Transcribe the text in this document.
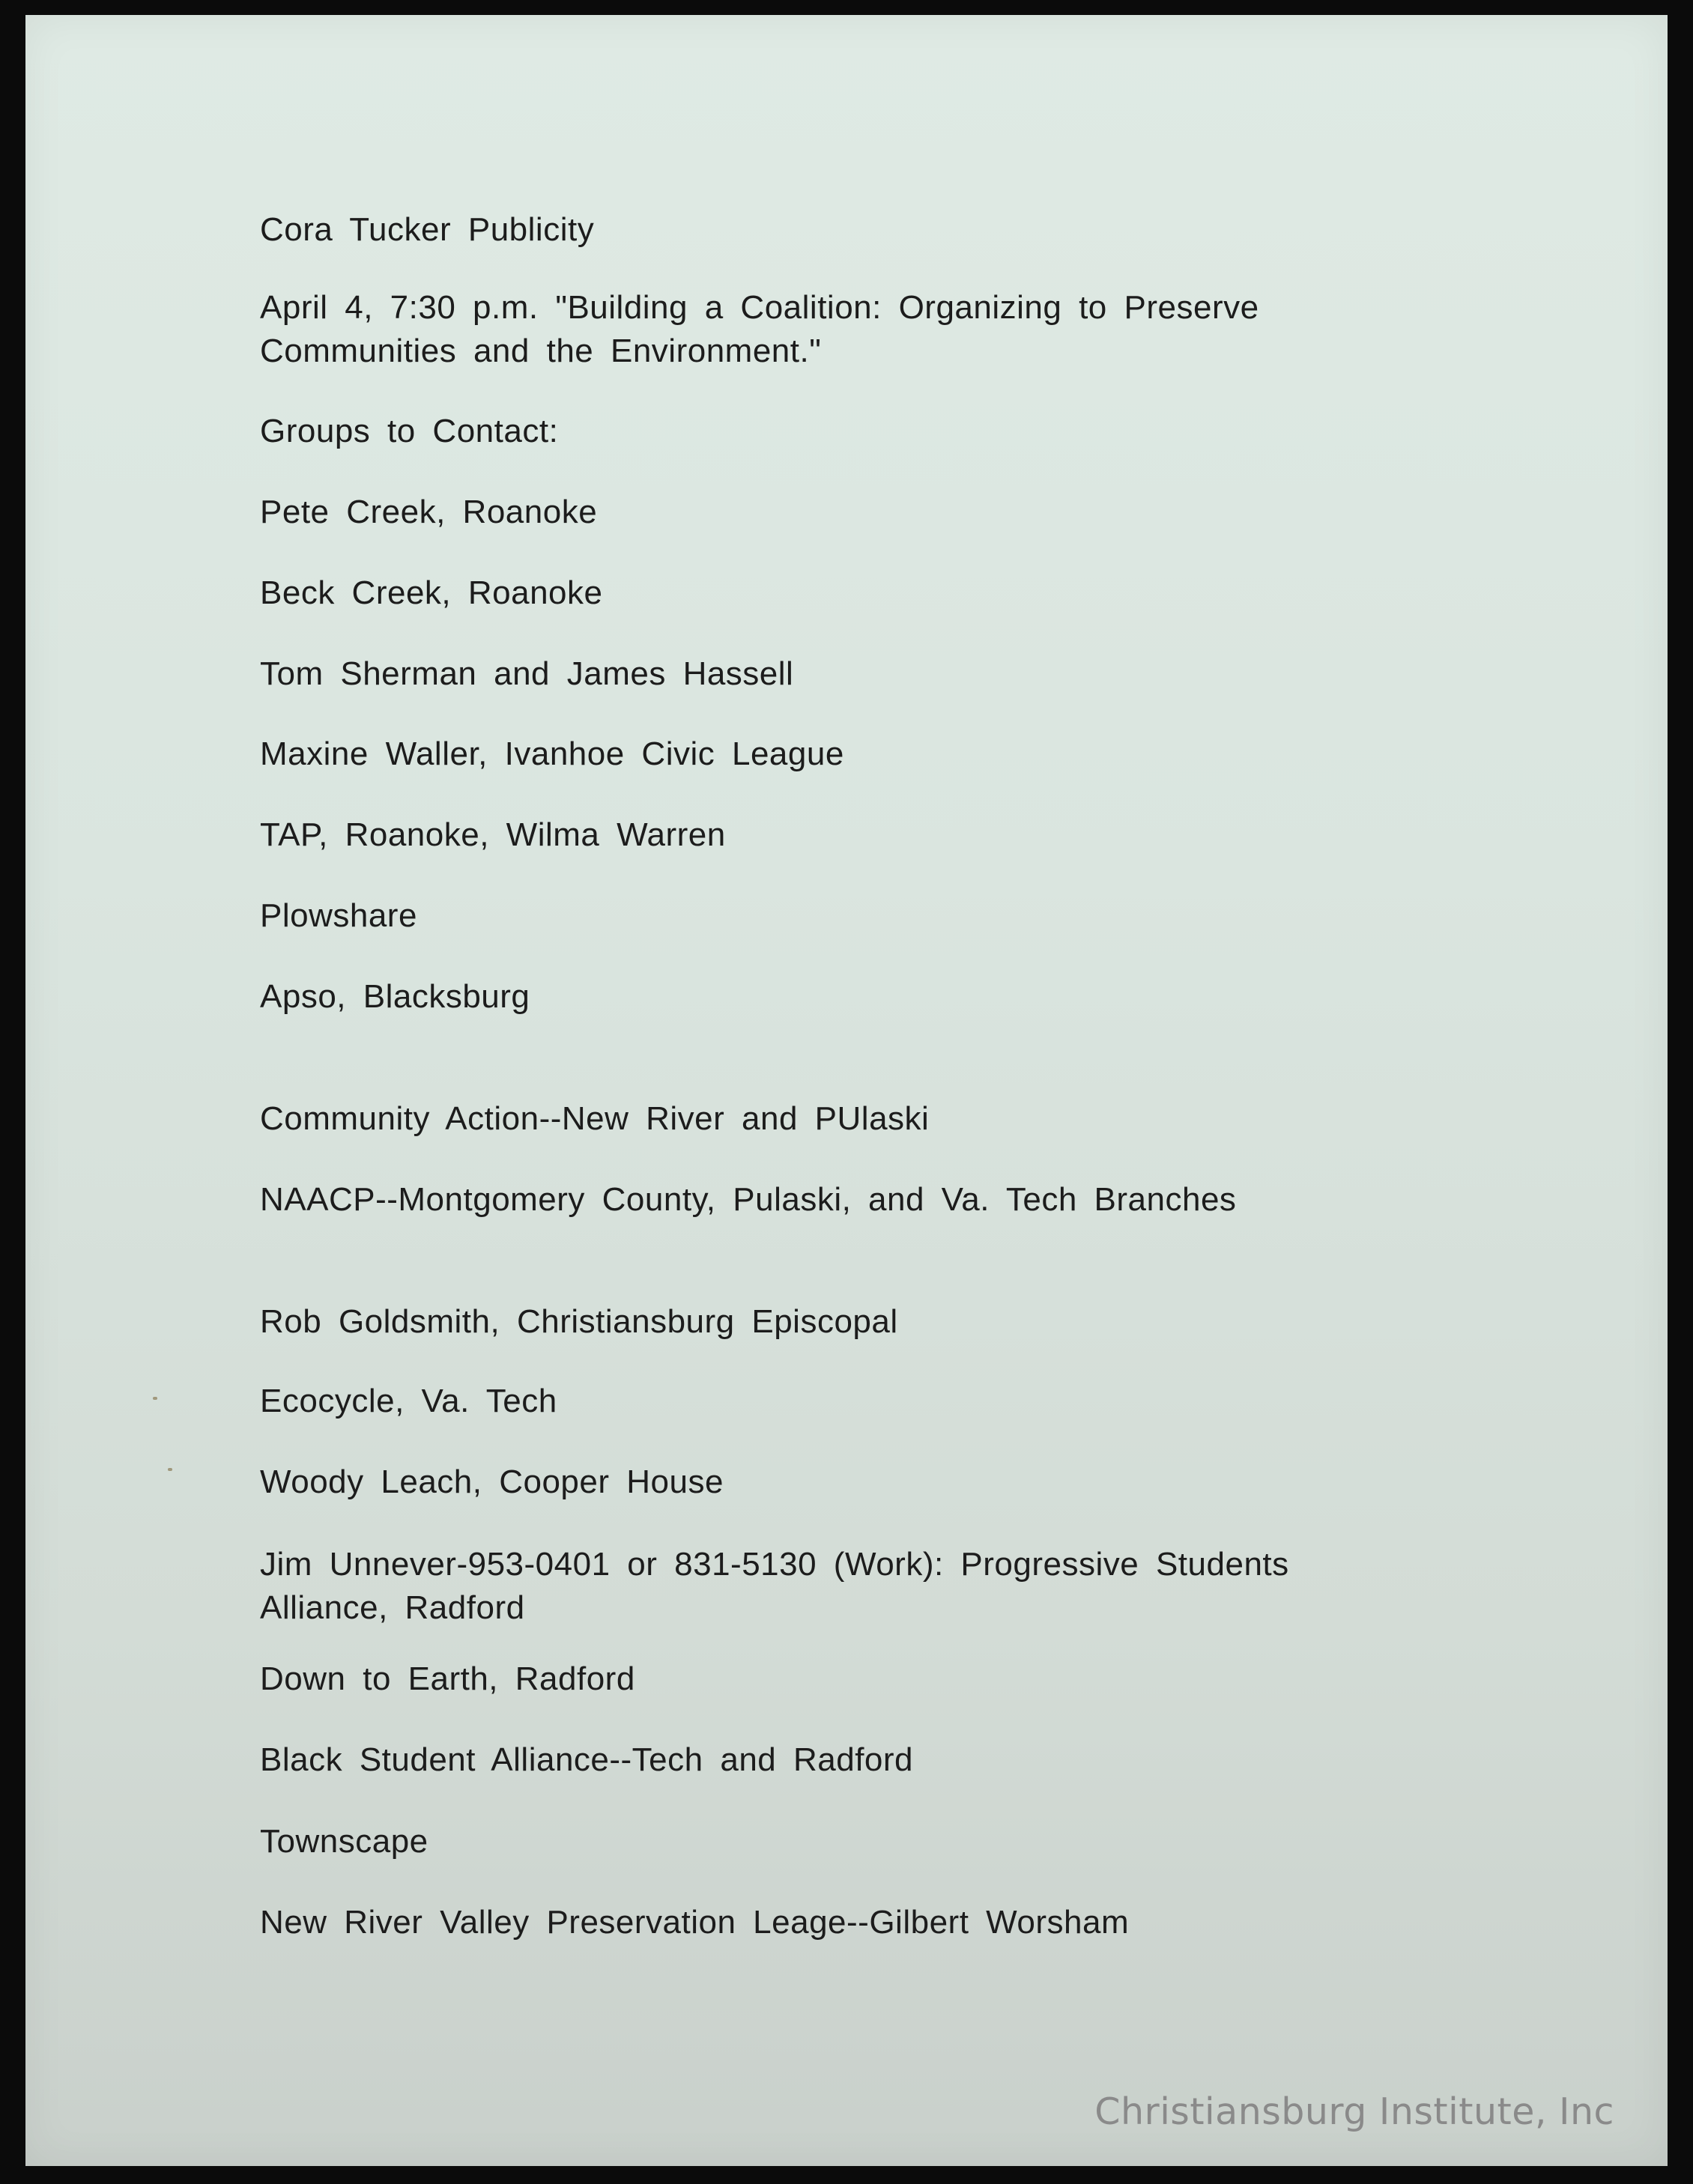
Cora Tucker Publicity
April 4, 7:30 p.m. "Building a Coalition: Organizing to Preserve
Communities and the Environment."
Groups to Contact:
Pete Creek, Roanoke
Beck Creek, Roanoke
Tom Sherman and James Hassell
Maxine Waller, Ivanhoe Civic League
TAP, Roanoke, Wilma Warren
Plowshare
Apso, Blacksburg
Community Action--New River and PUlaski
NAACP--Montgomery County, Pulaski, and Va. Tech Branches
Rob Goldsmith, Christiansburg Episcopal
Ecocycle, Va. Tech
Woody Leach, Cooper House
Jim Unnever-953-0401 or 831-5130 (Work): Progressive Students Alliance, Radford
Down to Earth, Radford
Black Student Alliance--Tech and Radford
Townscape
New River Valley Preservation Leage--Gilbert Worsham
Christiansburg Institute, Inc
